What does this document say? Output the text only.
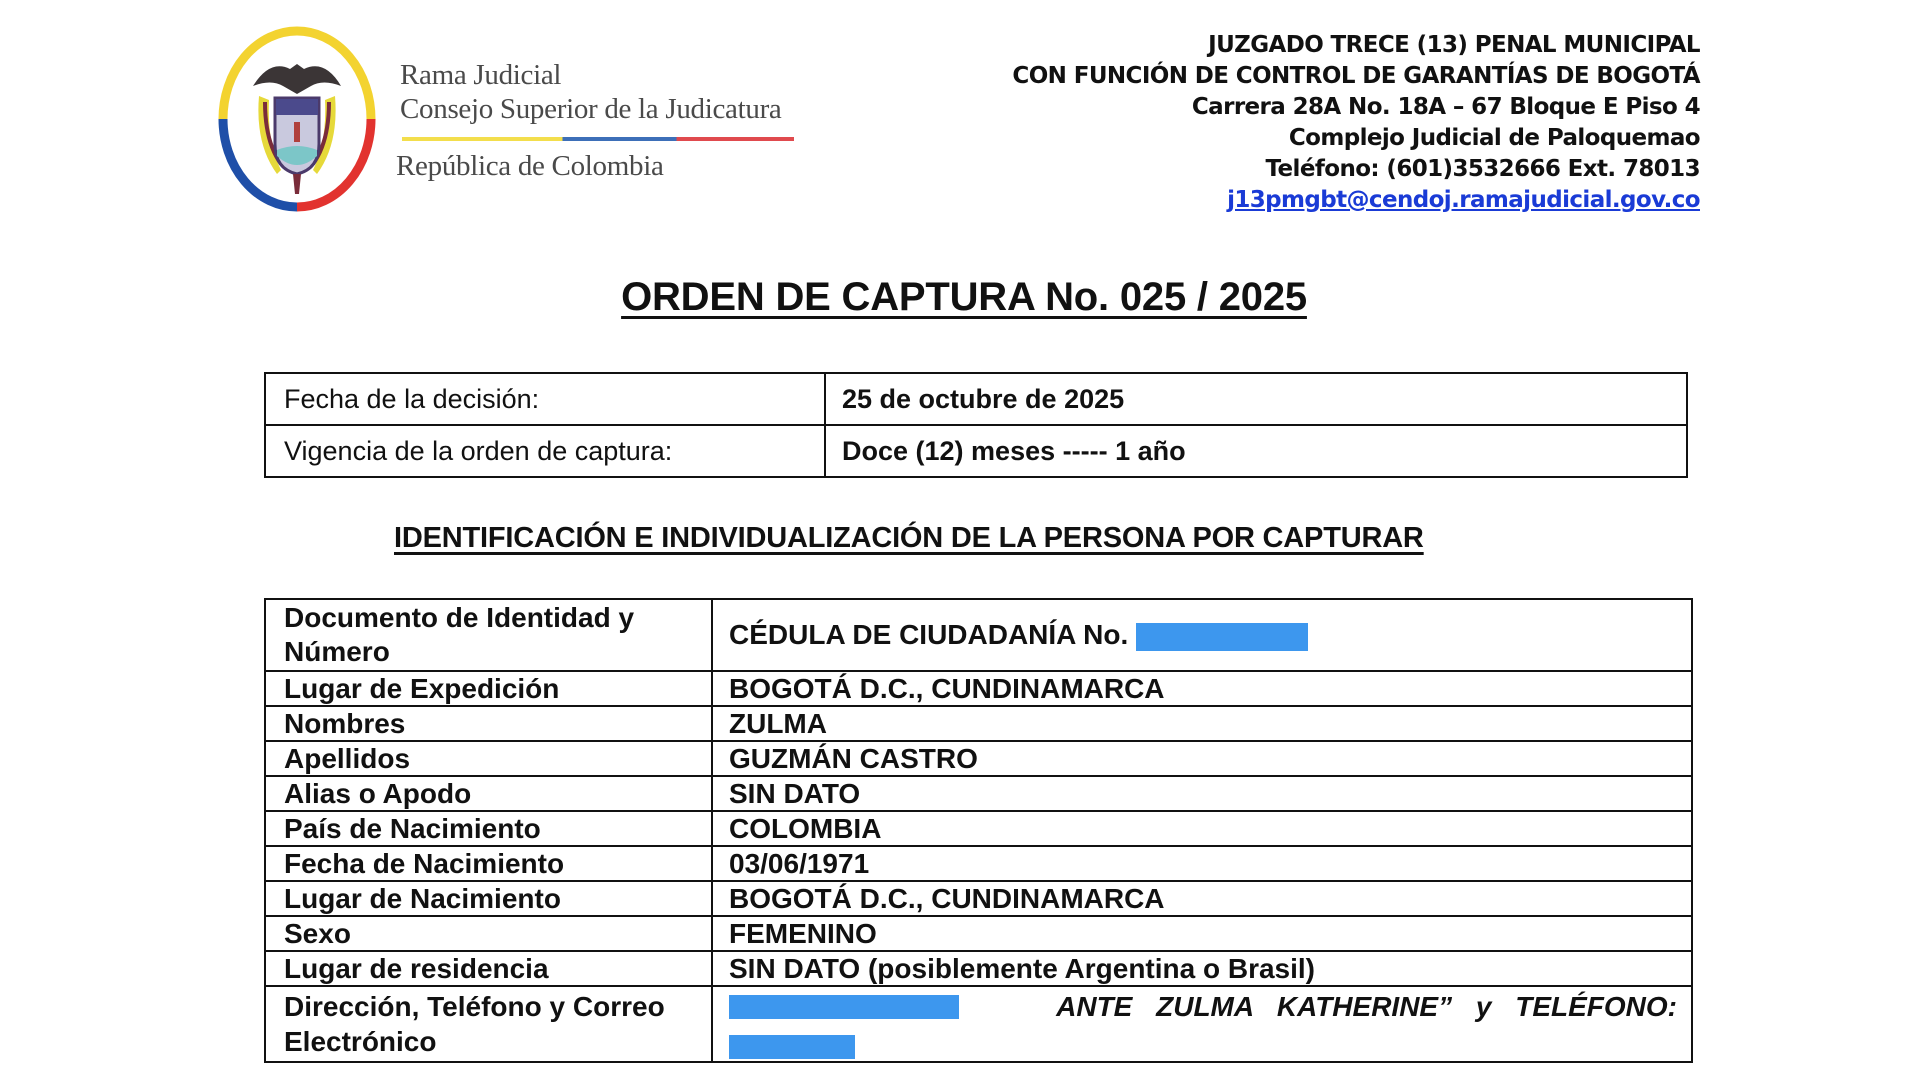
Rama Judicial
Consejo Superior de la Judicatura
República de Colombia
JUZGADO TRECE (13) PENAL MUNICIPAL
CON FUNCIÓN DE CONTROL DE GARANTÍAS DE BOGOTÁ
Carrera 28A No. 18A – 67 Bloque E Piso 4
Complejo Judicial de Paloquemao
Teléfono: (601)3532666 Ext. 78013
j13pmgbt@cendoj.ramajudicial.gov.co
ORDEN DE CAPTURA No. 025 / 2025
Fecha de la decisión:	25 de octubre de 2025
Vigencia de la orden de captura:	Doce (12) meses ----- 1 año
IDENTIFICACIÓN E INDIVIDUALIZACIÓN DE LA PERSONA POR CAPTURAR
Documento de Identidad y Número	CÉDULA DE CIUDADANÍA No.
Lugar de Expedición	BOGOTÁ D.C., CUNDINAMARCA
Nombres	ZULMA
Apellidos	GUZMÁN CASTRO
Alias o Apodo	SIN DATO
País de Nacimiento	COLOMBIA
Fecha de Nacimiento	03/06/1971
Lugar de Nacimiento	BOGOTÁ D.C., CUNDINAMARCA
Sexo	FEMENINO
Lugar de residencia	SIN DATO (posiblemente Argentina o Brasil)
Dirección, Teléfono y Correo Electrónico	ANTE ZULMA KATHERINE” y TELÉFONO:
